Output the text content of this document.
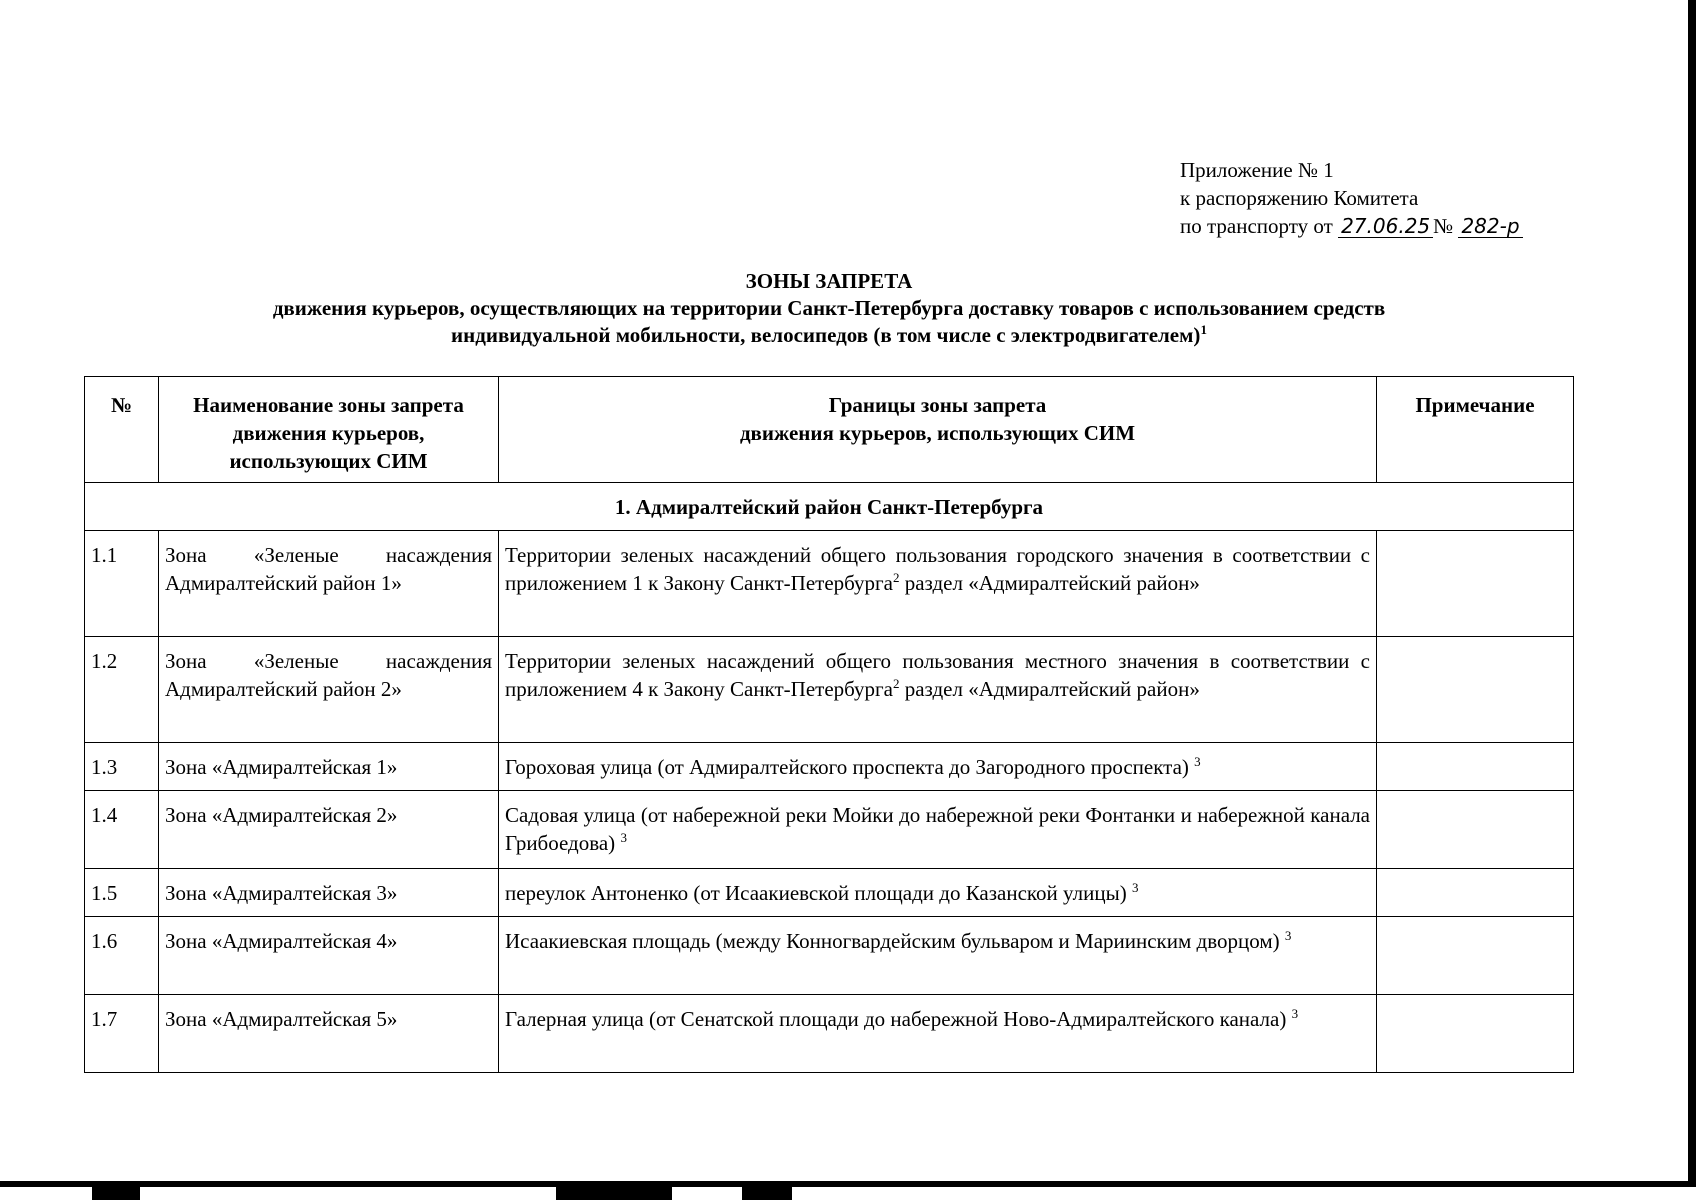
Приложение № 1
к распоряжению Комитета
по транспорту от 27.06.25 № 282-р
ЗОНЫ ЗАПРЕТА
движения курьеров, осуществляющих на территории Санкт-Петербурга доставку товаров с использованием средств
индивидуальной мобильности, велосипедов (в том числе с электродвигателем)$^1$
№	Наименование зоны запрета движения курьеров, использующих СИМ	Границы зоны запрета
движения курьеров, использующих СИМ	Примечание
1. Адмиралтейский район Санкт-Петербурга			
1.1	Зона «Зеленые насаждения Адмиралтейский район 1»	Территории зеленых насаждений общего пользования городского значения в соответствии с приложением 1 к Закону Санкт-Петербурга$^2$ раздел «Адмиралтейский район»	
1.2	Зона «Зеленые насаждения Адмиралтейский район 2»	Территории зеленых насаждений общего пользования местного значения в соответствии с приложением 4 к Закону Санкт-Петербурга$^2$ раздел «Адмиралтейский район»	
1.3	Зона «Адмиралтейская 1»	Гороховая улица (от Адмиралтейского проспекта до Загородного проспекта) $^3$	
1.4	Зона «Адмиралтейская 2»	Садовая улица (от набережной реки Мойки до набережной реки Фонтанки и набережной канала Грибоедова) $^3$	
1.5	Зона «Адмиралтейская 3»	переулок Антоненко (от Исаакиевской площади до Казанской улицы) $^3$	
1.6	Зона «Адмиралтейская 4»	Исаакиевская площадь (между Конногвардейским бульваром и Мариинским дворцом) $^3$	
1.7	Зона «Адмиралтейская 5»	Галерная улица (от Сенатской площади до набережной Ново-Адмиралтейского канала) $^3$	
